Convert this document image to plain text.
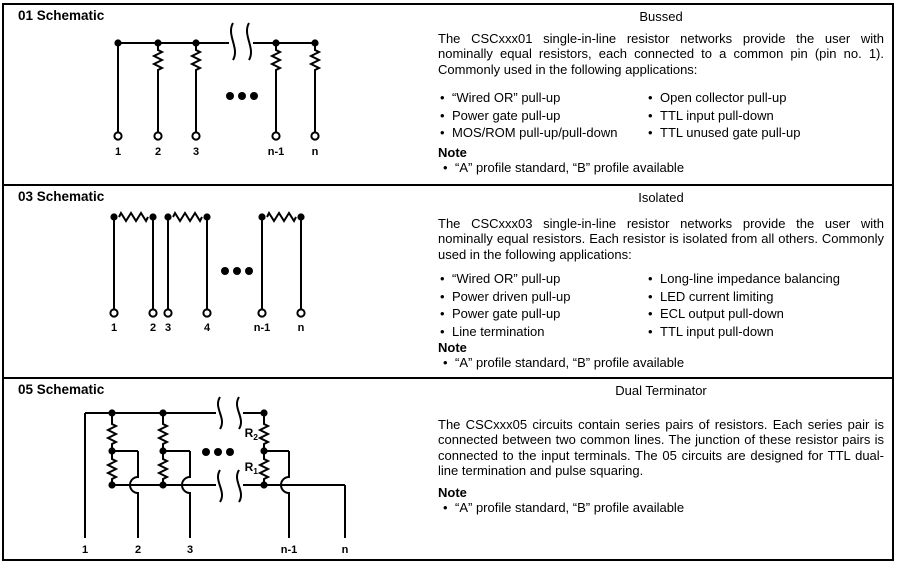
01 Schematic	Bussed
1	2	3	n-1 n

The CSCxxx01 single-in-line resistor networks provide the user with nominally equal resistors, each connected to a common pin (pin no. 1). Commonly used in the following applications:

• “Wired OR” pull-up
• Power gate pull-up
• MOS/ROM pull-up/pull-down
• Open collector pull-up
• TTL input pull-down
• TTL unused gate pull-up

Note

• “A” profile standard, “B” profile available

03 Schematic	Isolated
1	2 3	4	n-1 n

The CSCxxx03 single-in-line resistor networks provide the user with nominally equal resistors. Each resistor is isolated from all others. Commonly used in the following applications:

• “Wired OR” pull-up
• Power driven pull-up
• Power gate pull-up
• Line termination
• Long-line impedance balancing
• LED current limiting
• ECL output pull-down
• TTL input pull-down

Note

• “A” profile standard, “B” profile available

05 Schematic	Dual Terminator
$R_2$
$R_1$
1	2	3	n-1	n

The CSCxxx05 circuits contain series pairs of resistors. Each series pair is connected between two common lines. The junction of these resistor pairs is connected to the input terminals. The 05 circuits are designed for TTL dual-line termination and pulse squaring.

Note

• “A” profile standard, “B” profile available
